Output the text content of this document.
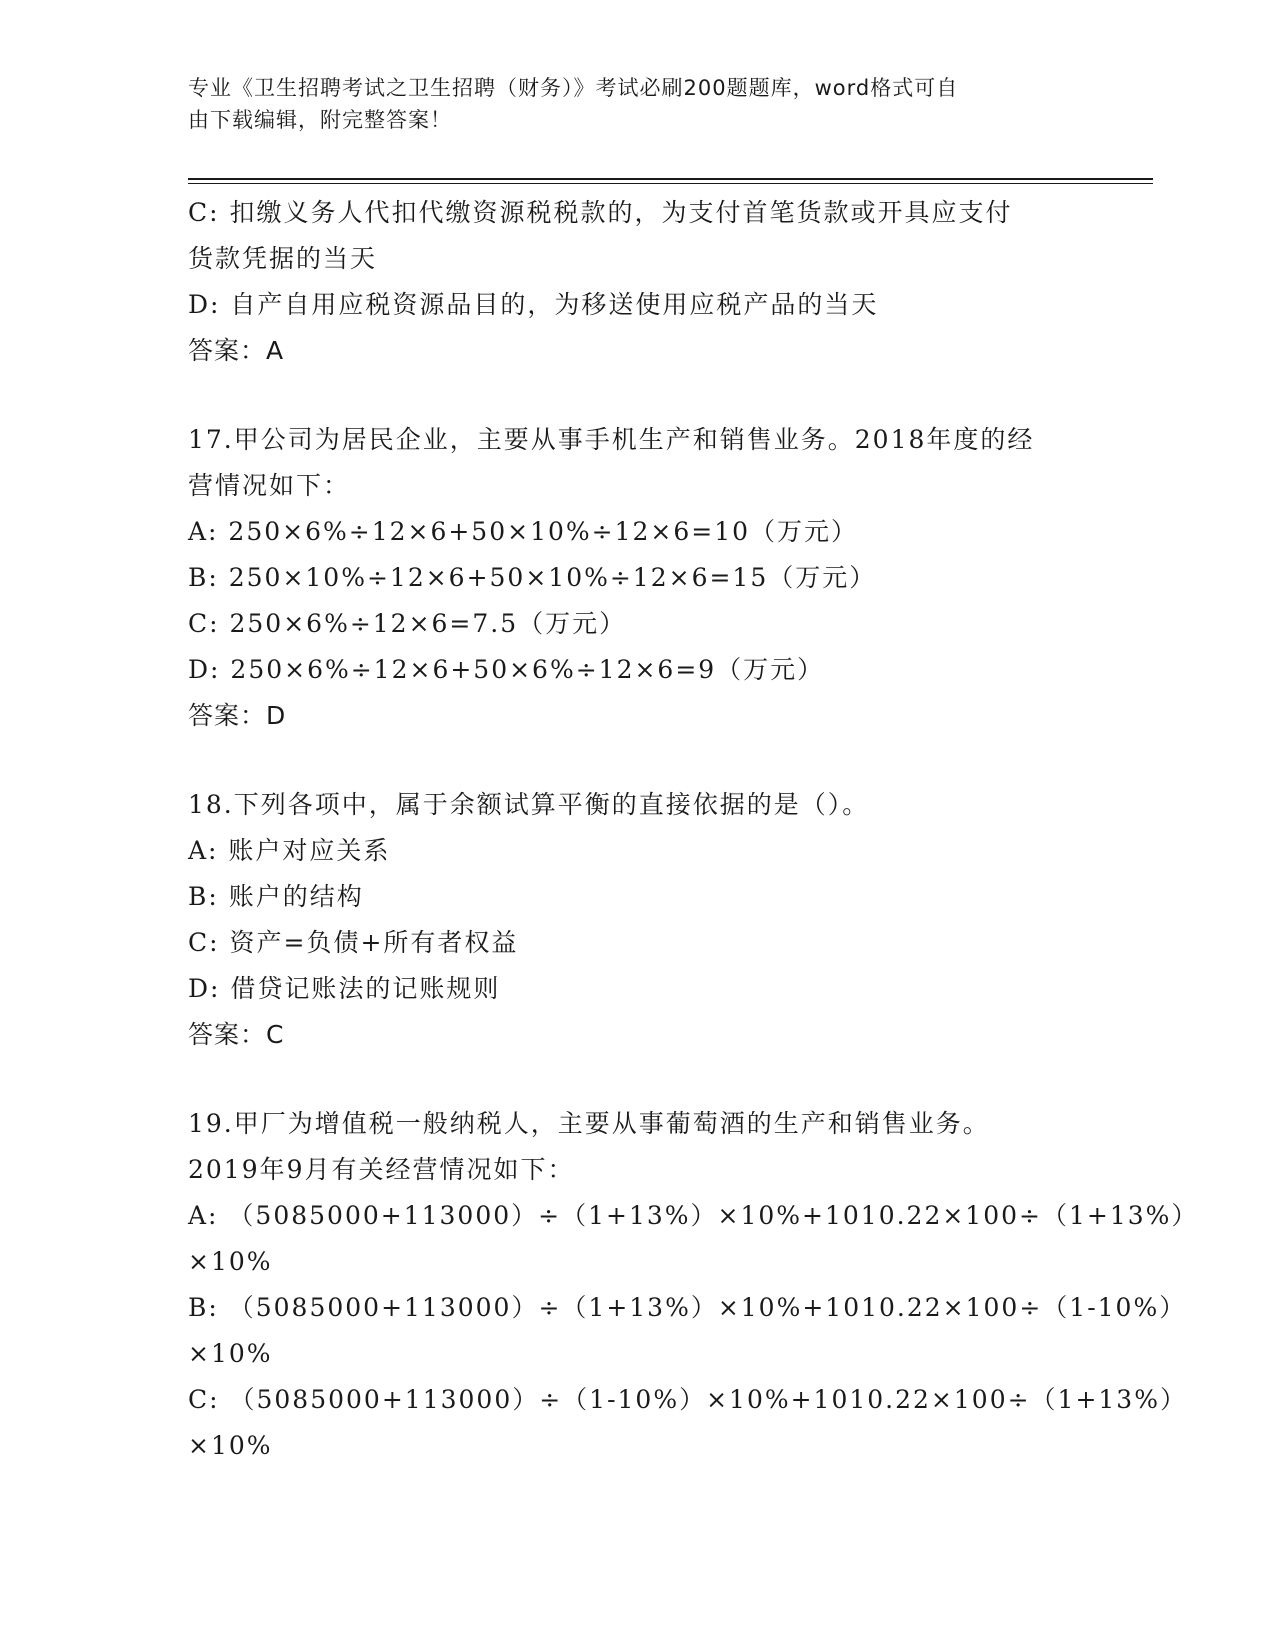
专业《卫生招聘考试之卫生招聘（财务）》考试必刷200题题库，word格式可自
由下载编辑，附完整答案！
C: 扣缴义务人代扣代缴资源税税款的，为支付首笔货款或开具应支付
货款凭据的当天
D: 自产自用应税资源品目的，为移送使用应税产品的当天
答案：A
17.甲公司为居民企业，主要从事手机生产和销售业务。2018年度的经
营情况如下：
A: 250×6%÷12×6+50×10%÷12×6=10（万元）
B: 250×10%÷12×6+50×10%÷12×6=15（万元）
C: 250×6%÷12×6=7.5（万元）
D: 250×6%÷12×6+50×6%÷12×6=9（万元）
答案：D
18.下列各项中，属于余额试算平衡的直接依据的是（）。
A: 账户对应关系
B: 账户的结构
C: 资产=负债+所有者权益
D: 借贷记账法的记账规则
答案：C
19.甲厂为增值税一般纳税人，主要从事葡萄酒的生产和销售业务。
2019年9月有关经营情况如下：
A: （5085000+113000）÷（1+13%）×10%+1010.22×100÷（1+13%）
×10%
B: （5085000+113000）÷（1+13%）×10%+1010.22×100÷（1-10%）
×10%
C: （5085000+113000）÷（1-10%）×10%+1010.22×100÷（1+13%）
×10%
